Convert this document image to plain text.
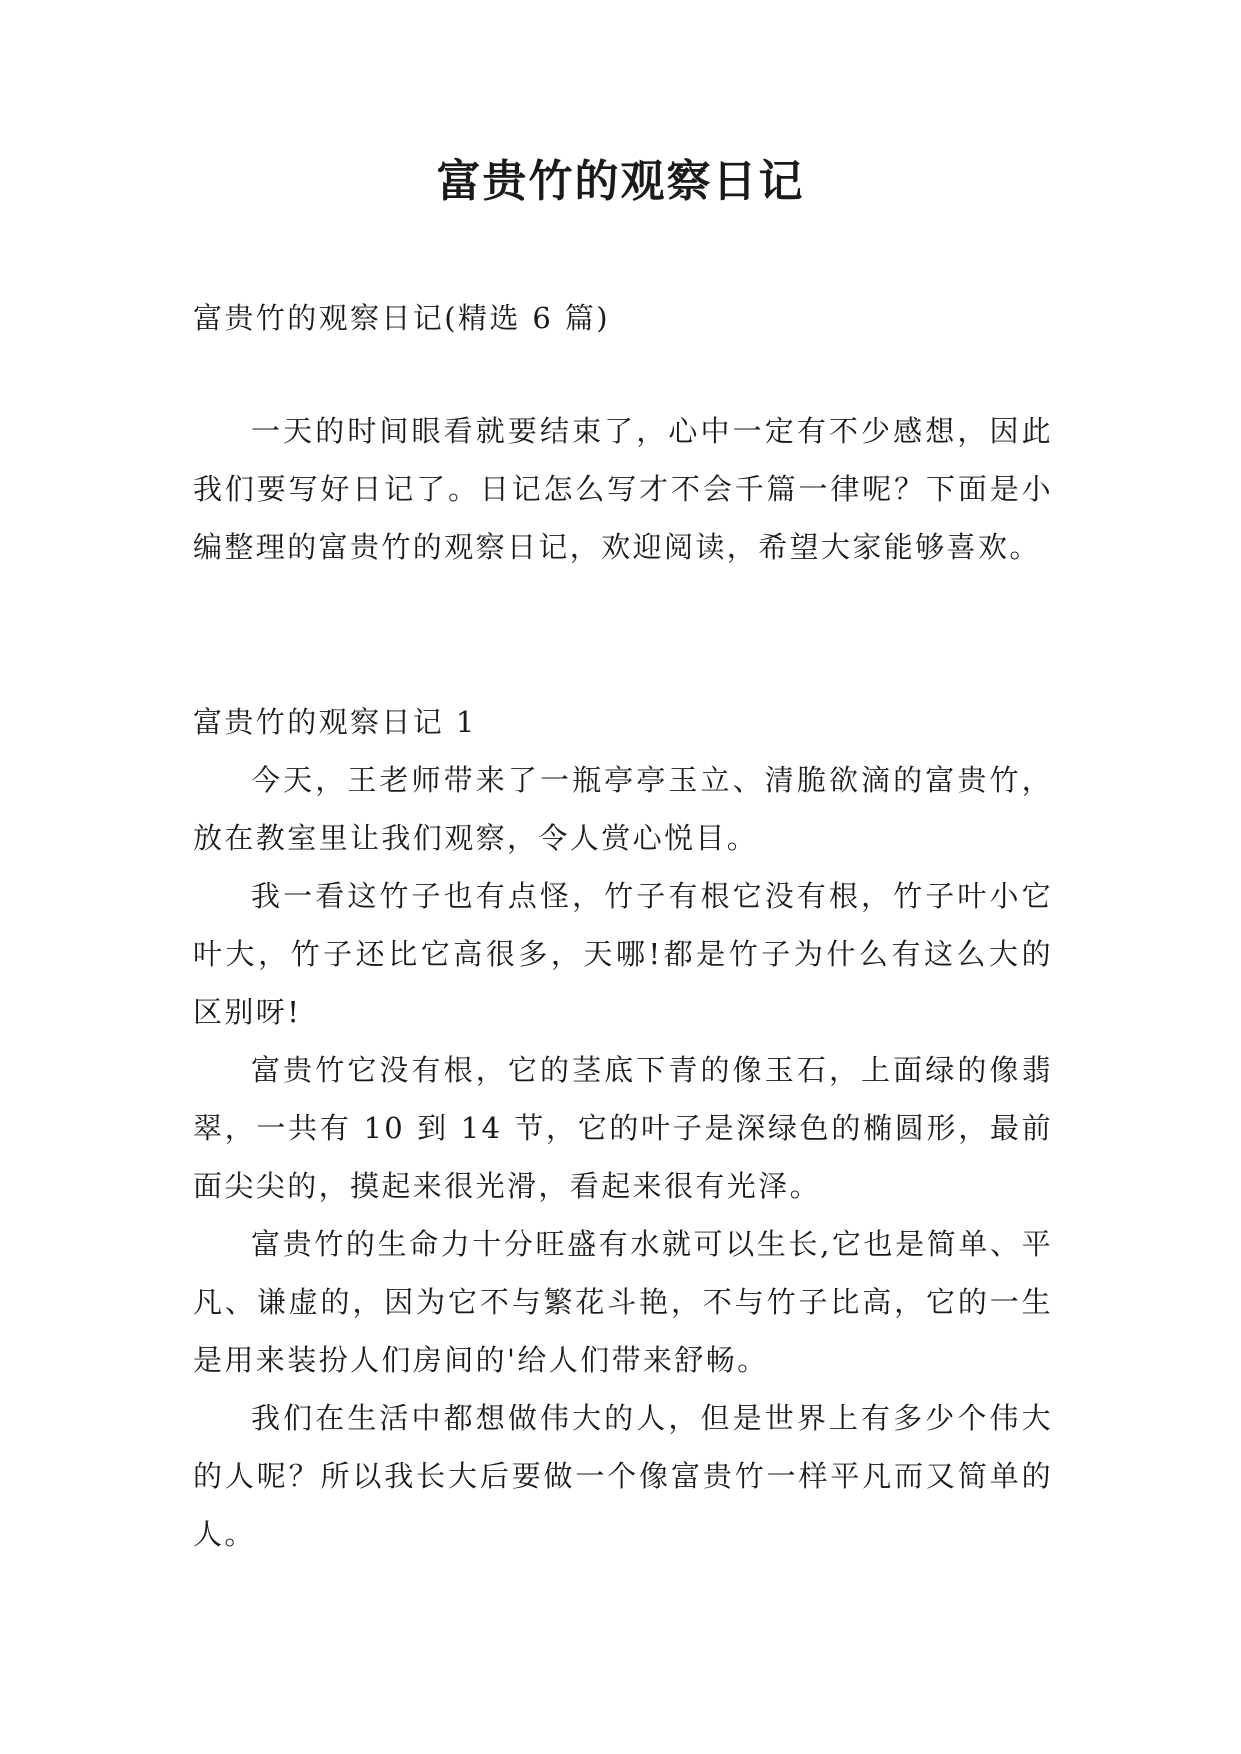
富贵竹的观察日记

富贵竹的观察日记(精选 6 篇)

一天的时间眼看就要结束了，心中一定有不少感想，因此我们要写好日记了。日记怎么写才不会千篇一律呢？下面是小编整理的富贵竹的观察日记，欢迎阅读，希望大家能够喜欢。

富贵竹的观察日记 1

今天，王老师带来了一瓶亭亭玉立、清脆欲滴的富贵竹，放在教室里让我们观察，令人赏心悦目。

我一看这竹子也有点怪，竹子有根它没有根，竹子叶小它叶大，竹子还比它高很多，天哪!都是竹子为什么有这么大的区别呀!

富贵竹它没有根，它的茎底下青的像玉石，上面绿的像翡翠，一共有 10 到 14 节，它的叶子是深绿色的椭圆形，最前面尖尖的，摸起来很光滑，看起来很有光泽。

富贵竹的生命力十分旺盛有水就可以生长,它也是简单、平凡、谦虚的，因为它不与繁花斗艳，不与竹子比高，它的一生是用来装扮人们房间的'给人们带来舒畅。

我们在生活中都想做伟大的人，但是世界上有多少个伟大的人呢？所以我长大后要做一个像富贵竹一样平凡而又简单的人。
